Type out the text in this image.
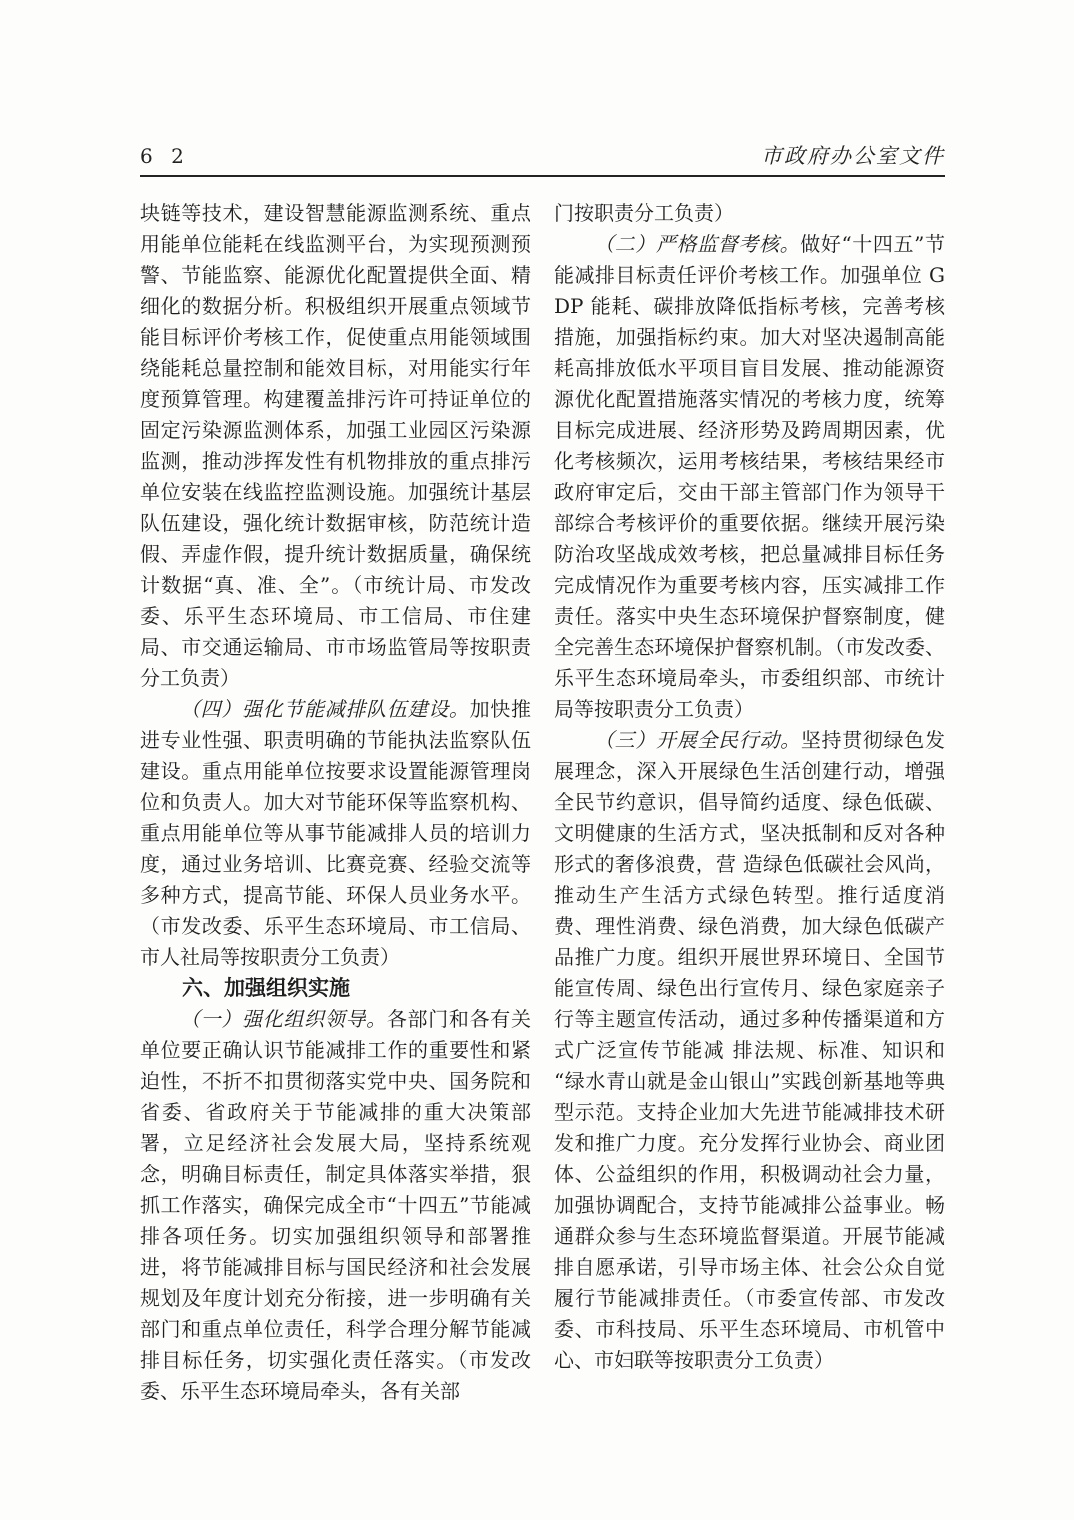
6 2	市政府办公室文件

块链等技术，建设智慧能源监测系统、重点用能单位能耗在线监测平台，为实现预测预警、节能监察、能源优化配置提供全面、精细化的数据分析。积极组织开展重点领域节能目标评价考核工作，促使重点用能领域围绕能耗总量控制和能效目标，对用能实行年度预算管理。构建覆盖排污许可持证单位的固定污染源监测体系，加强工业园区污染源监测，推动涉挥发性有机物排放的重点排污单位安装在线监控监测设施。加强统计基层队伍建设，强化统计数据审核，防范统计造假、弄虚作假，提升统计数据质量，确保统计数据“真、准、全”。（市统计局、市发改委、乐平生态环境局、市工信局、市住建局、市交通运输局、市市场监管局等按职责分工负责）

（四）强化节能减排队伍建设。加快推进专业性强、职责明确的节能执法监察队伍建设。重点用能单位按要求设置能源管理岗位和负责人。加大对节能环保等监察机构、重点用能单位等从事节能减排人员的培训力度，通过业务培训、比赛竞赛、经验交流等多种方式，提高节能、环保人员业务水平。（市发改委、乐平生态环境局、市工信局、市人社局等按职责分工负责）

六、加强组织实施

（一）强化组织领导。各部门和各有关单位要正确认识节能减排工作的重要性和紧迫性，不折不扣贯彻落实党中央、国务院和省委、省政府关于节能减排的重大决策部署，立足经济社会发展大局，坚持系统观念，明确目标责任，制定具体落实举措，狠抓工作落实，确保完成全市“十四五”节能减排各项任务。切实加强组织领导和部署推进，将节能减排目标与国民经济和社会发展规划及年度计划充分衔接，进一步明确有关部门和重点单位责任，科学合理分解节能减排目标任务，切实强化责任落实。（市发改委、乐平生态环境局牵头，各有关部

门按职责分工负责）

（二）严格监督考核。做好“十四五”节能减排目标责任评价考核工作。加强单位 GDP 能耗、碳排放降低指标考核，完善考核措施，加强指标约束。加大对坚决遏制高能耗高排放低水平项目盲目发展、推动能源资源优化配置措施落实情况的考核力度，统筹目标完成进展、经济形势及跨周期因素，优化考核频次，运用考核结果，考核结果经市政府审定后，交由干部主管部门作为领导干部综合考核评价的重要依据。继续开展污染防治攻坚战成效考核，把总量减排目标任务完成情况作为重要考核内容，压实减排工作责任。落实中央生态环境保护督察制度，健全完善生态环境保护督察机制。（市发改委、乐平生态环境局牵头，市委组织部、市统计局等按职责分工负责）

（三）开展全民行动。坚持贯彻绿色发展理念，深入开展绿色生活创建行动，增强全民节约意识，倡导简约适度、绿色低碳、文明健康的生活方式，坚决抵制和反对各种形式的奢侈浪费，营 造绿色低碳社会风尚，推动生产生活方式绿色转型。推行适度消费、理性消费、绿色消费，加大绿色低碳产品推广力度。组织开展世界环境日、全国节能宣传周、绿色出行宣传月、绿色家庭亲子行等主题宣传活动，通过多种传播渠道和方式广泛宣传节能减 排法规、标准、知识和“绿水青山就是金山银山”实践创新基地等典型示范。支持企业加大先进节能减排技术研发和推广力度。充分发挥行业协会、商业团体、公益组织的作用，积极调动社会力量，加强协调配合，支持节能减排公益事业。畅通群众参与生态环境监督渠道。开展节能减排自愿承诺，引导市场主体、社会公众自觉履行节能减排责任。（市委宣传部、市发改委、市科技局、乐平生态环境局、市机管中心、市妇联等按职责分工负责）
